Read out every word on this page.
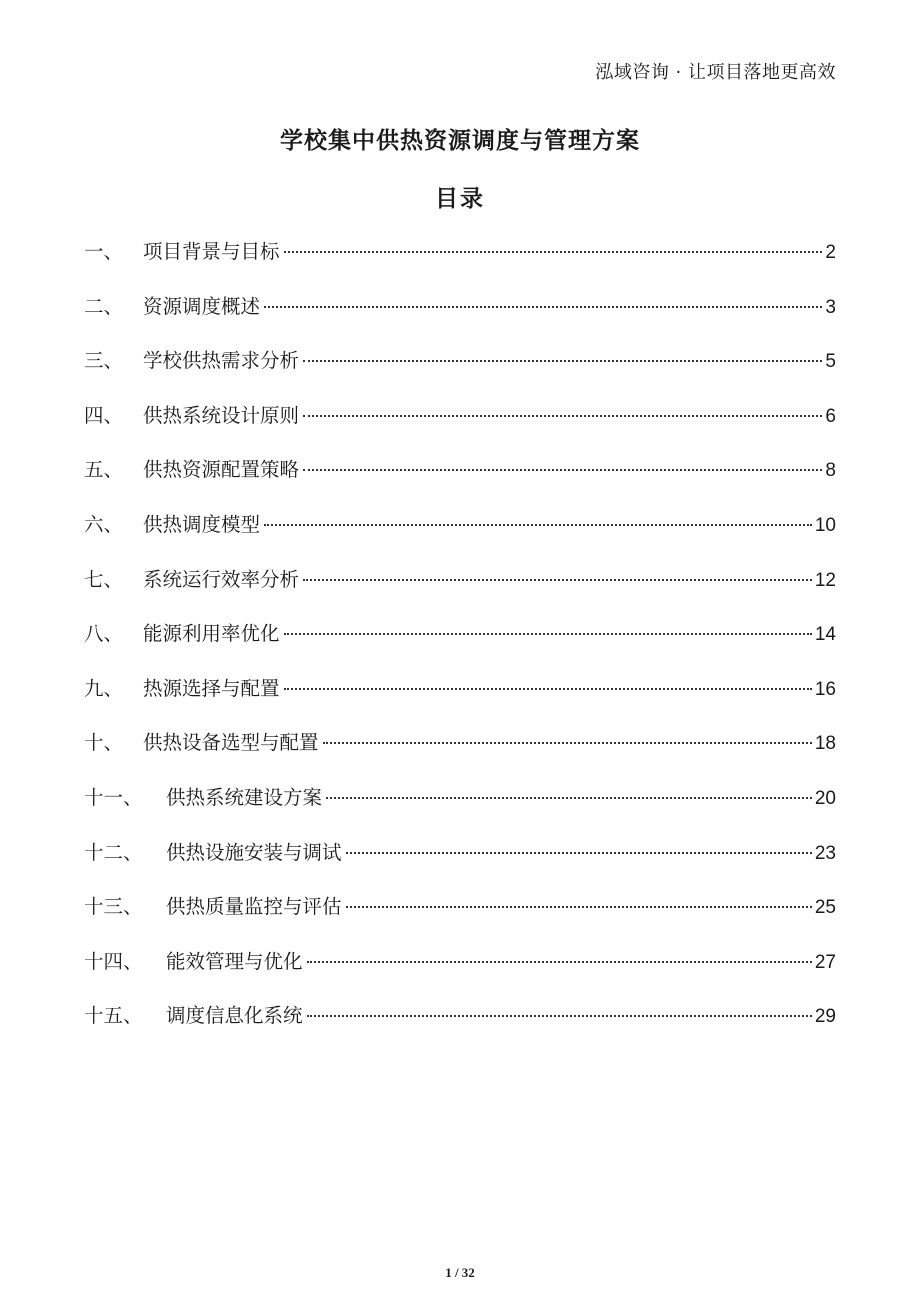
泓域咨询 · 让项目落地更高效
学校集中供热资源调度与管理方案
目录
一、	项目背景与目标	2
二、	资源调度概述	3
三、	学校供热需求分析	5
四、	供热系统设计原则	6
五、	供热资源配置策略	8
六、	供热调度模型	10
七、	系统运行效率分析	12
八、	能源利用率优化	14
九、	热源选择与配置	16
十、	供热设备选型与配置	18
十一、	供热系统建设方案	20
十二、	供热设施安装与调试	23
十三、	供热质量监控与评估	25
十四、	能效管理与优化	27
十五、	调度信息化系统	29
1 / 32
